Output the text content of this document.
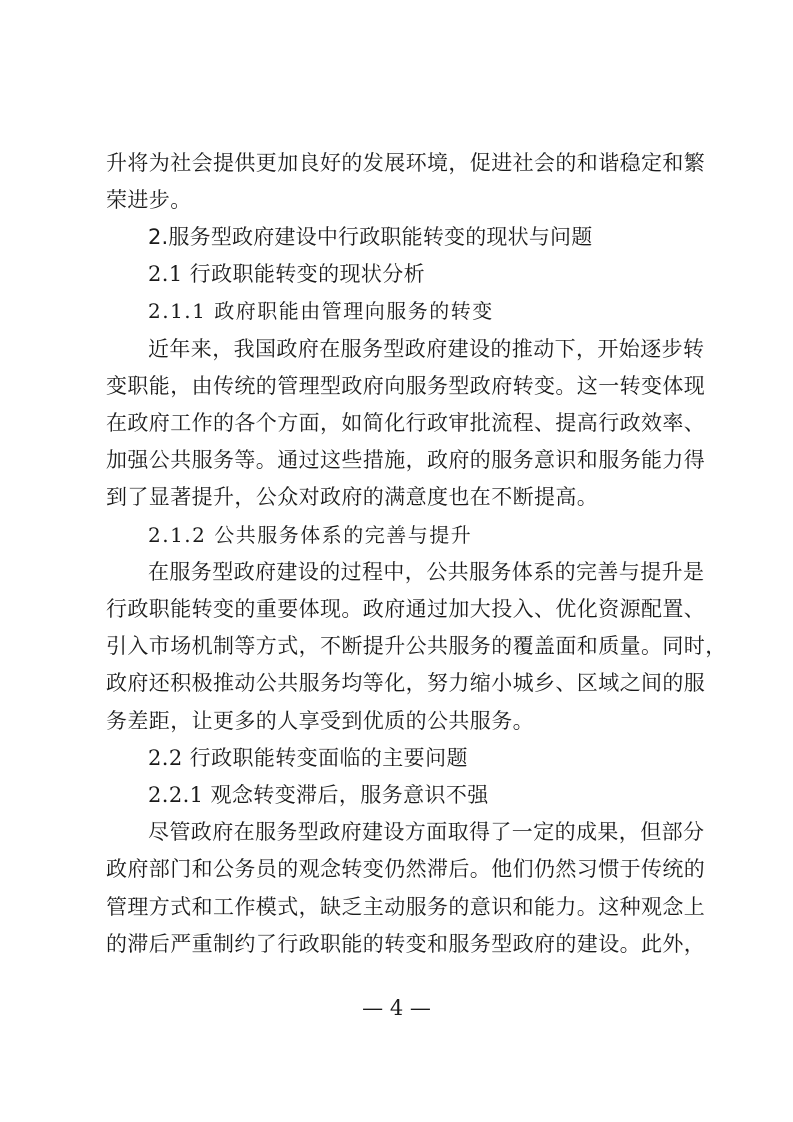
升将为社会提供更加良好的发展环境，促进社会的和谐稳定和繁
荣进步。
2.服务型政府建设中行政职能转变的现状与问题
2.1 行政职能转变的现状分析
2.1.1 政府职能由管理向服务的转变
近年来，我国政府在服务型政府建设的推动下，开始逐步转
变职能，由传统的管理型政府向服务型政府转变。这一转变体现
在政府工作的各个方面，如简化行政审批流程、提高行政效率、
加强公共服务等。通过这些措施，政府的服务意识和服务能力得
到了显著提升，公众对政府的满意度也在不断提高。
2.1.2 公共服务体系的完善与提升
在服务型政府建设的过程中，公共服务体系的完善与提升是
行政职能转变的重要体现。政府通过加大投入、优化资源配置、
引入市场机制等方式，不断提升公共服务的覆盖面和质量。同时，
政府还积极推动公共服务均等化，努力缩小城乡、区域之间的服
务差距，让更多的人享受到优质的公共服务。
2.2 行政职能转变面临的主要问题
2.2.1 观念转变滞后，服务意识不强
尽管政府在服务型政府建设方面取得了一定的成果，但部分
政府部门和公务员的观念转变仍然滞后。他们仍然习惯于传统的
管理方式和工作模式，缺乏主动服务的意识和能力。这种观念上
的滞后严重制约了行政职能的转变和服务型政府的建设。此外，
— 4 —
